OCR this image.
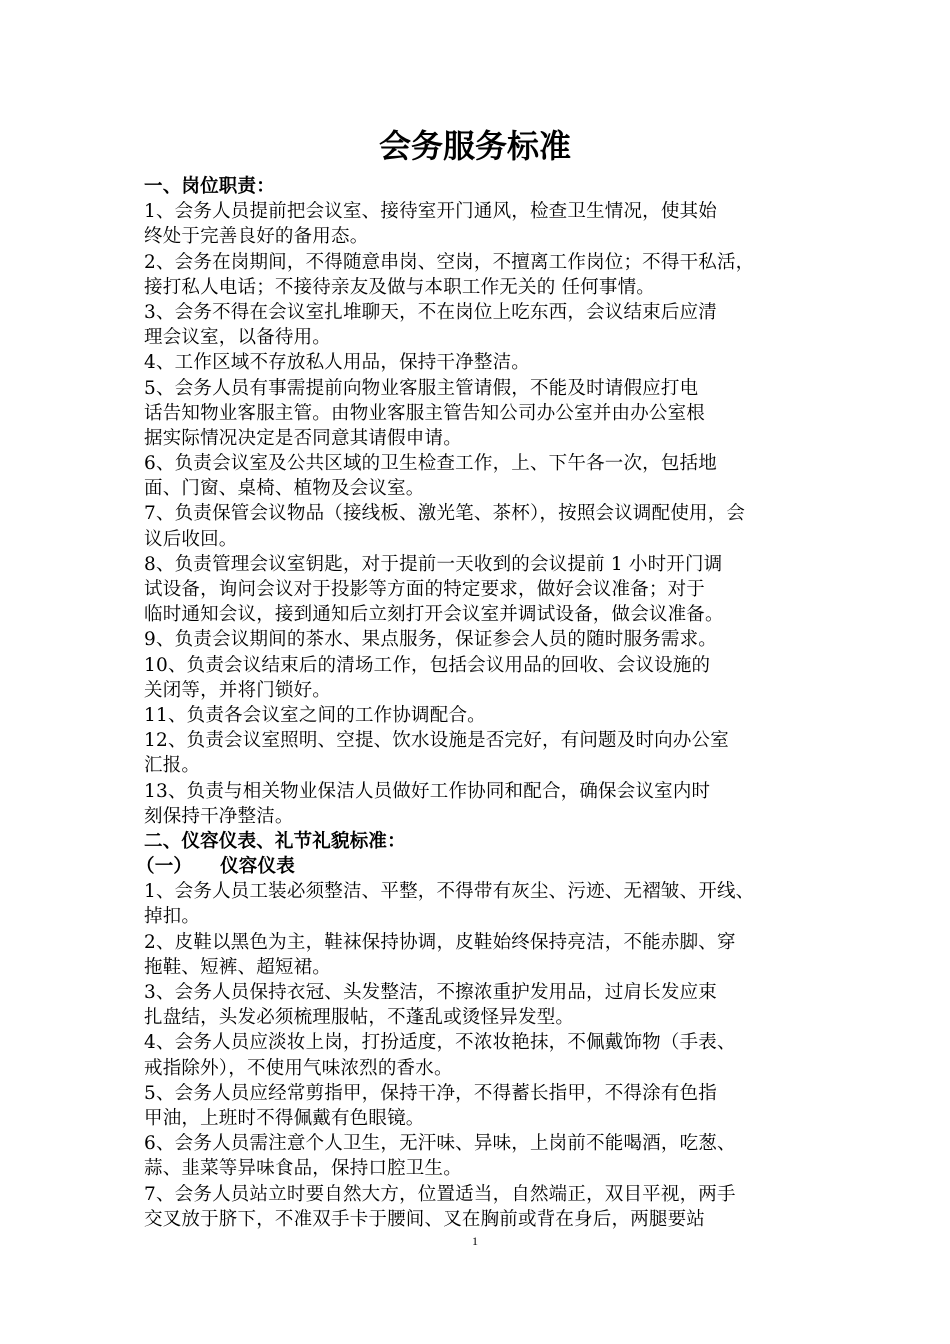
会务服务标准
一、岗位职责：
1、会务人员提前把会议室、接待室开门通风，检查卫生情况，使其始
终处于完善良好的备用态。
2、会务在岗期间，不得随意串岗、空岗，不擅离工作岗位；不得干私活，
接打私人电话；不接待亲友及做与本职工作无关的 任何事情。
3、会务不得在会议室扎堆聊天，不在岗位上吃东西，会议结束后应清
理会议室，以备待用。
4、工作区域不存放私人用品，保持干净整洁。
5、会务人员有事需提前向物业客服主管请假，不能及时请假应打电
话告知物业客服主管。由物业客服主管告知公司办公室并由办公室根
据实际情况决定是否同意其请假申请。
6、负责会议室及公共区域的卫生检查工作，上、下午各一次，包括地
面、门窗、桌椅、植物及会议室。
7、负责保管会议物品（接线板、激光笔、茶杯），按照会议调配使用，会
议后收回。
8、负责管理会议室钥匙，对于提前一天收到的会议提前 1 小时开门调
试设备，询问会议对于投影等方面的特定要求，做好会议准备；对于
临时通知会议，接到通知后立刻打开会议室并调试设备，做会议准备。
9、负责会议期间的茶水、果点服务，保证参会人员的随时服务需求。
10、负责会议结束后的清场工作，包括会议用品的回收、会议设施的
关闭等，并将门锁好。
11、负责各会议室之间的工作协调配合。
12、负责会议室照明、空提、饮水设施是否完好，有问题及时向办公室
汇报。
13、负责与相关物业保洁人员做好工作协同和配合，确保会议室内时
刻保持干净整洁。
二、仪容仪表、礼节礼貌标准：
（一） 仪容仪表
1、会务人员工装必须整洁、平整，不得带有灰尘、污迹、无褶皱、开线、
掉扣。
2、皮鞋以黑色为主，鞋袜保持协调，皮鞋始终保持亮洁，不能赤脚、穿
拖鞋、短裤、超短裙。
3、会务人员保持衣冠、头发整洁，不擦浓重护发用品，过肩长发应束
扎盘结，头发必须梳理服帖，不蓬乱或烫怪异发型。
4、会务人员应淡妆上岗，打扮适度，不浓妆艳抹，不佩戴饰物（手表、
戒指除外），不使用气味浓烈的香水。
5、会务人员应经常剪指甲，保持干净，不得蓄长指甲，不得涂有色指
甲油，上班时不得佩戴有色眼镜。
6、会务人员需注意个人卫生，无汗味、异味，上岗前不能喝酒，吃葱、
蒜、韭菜等异味食品，保持口腔卫生。
7、会务人员站立时要自然大方，位置适当，自然端正，双目平视，两手
交叉放于脐下，不准双手卡于腰间、叉在胸前或背在身后，两腿要站
1
